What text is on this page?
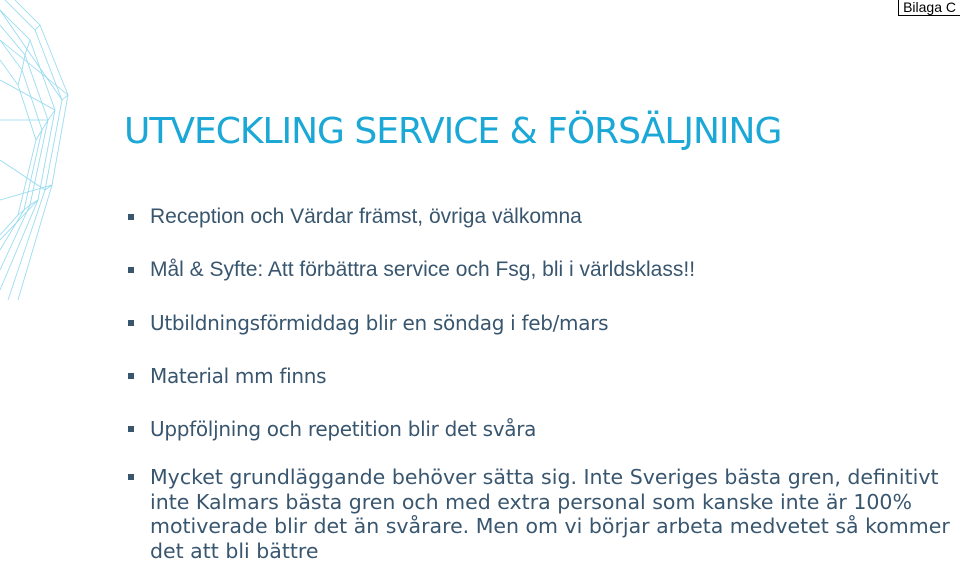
Bilaga C
UTVECKLING SERVICE & FÖRSÄLJNING
Reception och Värdar främst, övriga välkomna
Mål & Syfte: Att förbättra service och Fsg, bli i världsklass!!
Utbildningsförmiddag blir en söndag i feb/mars
Material mm finns
Uppföljning och repetition blir det svåra
Mycket grundläggande behöver sätta sig. Inte Sveriges bästa gren, definitivt inte Kalmars bästa gren och med extra personal som kanske inte är 100% motiverade blir det än svårare. Men om vi börjar arbeta medvetet så kommer det att bli bättre
